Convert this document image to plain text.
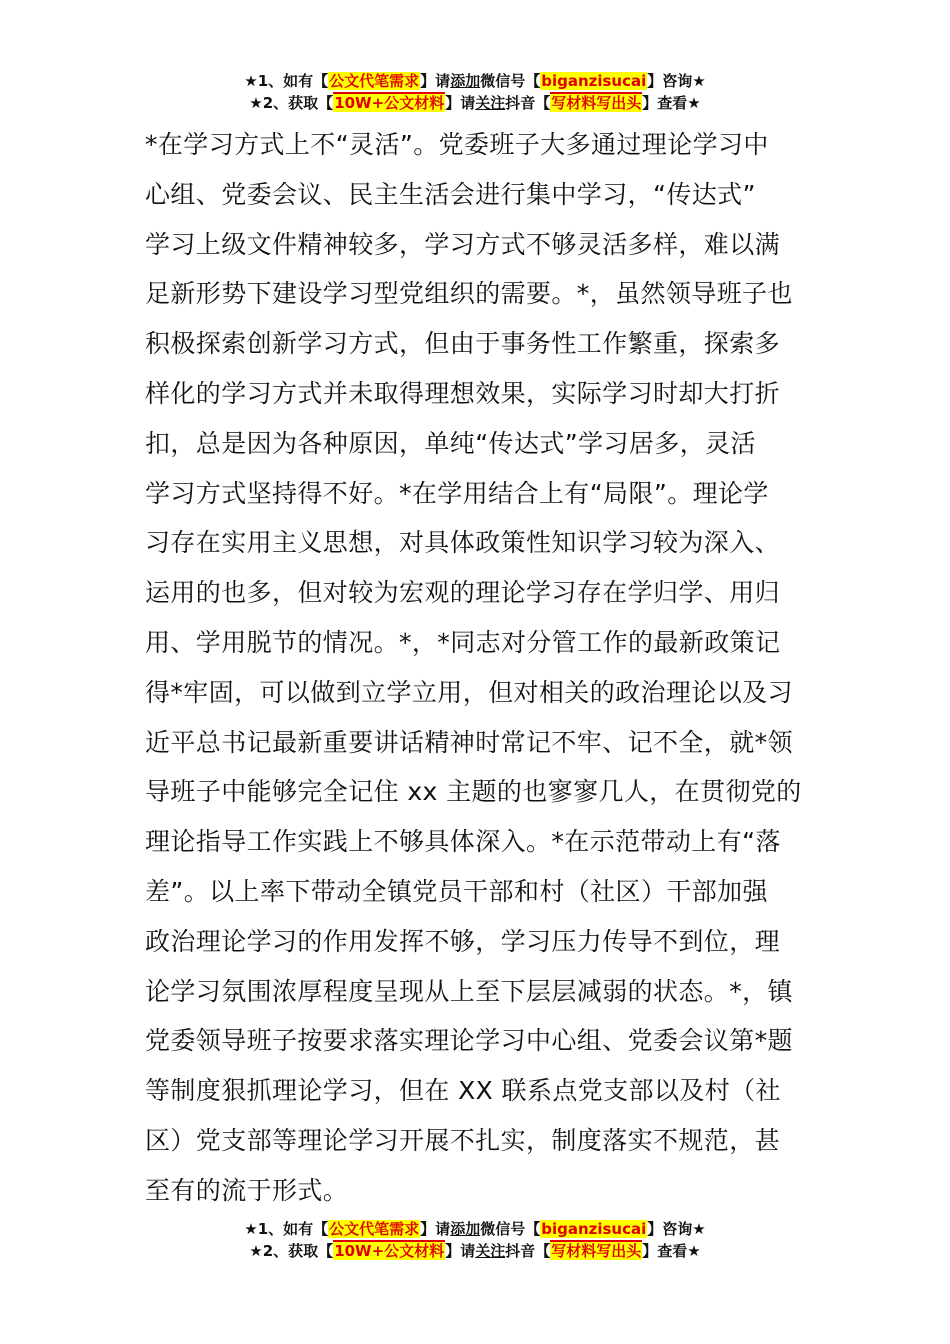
★1、如有【公文代笔需求】请添加微信号【biganzisucai】咨询★
★2、获取【10W+公文材料】请关注抖音【写材料写出头】查看★
*在学习方式上不“灵活”。党委班子大多通过理论学习中
心组、党委会议、民主生活会进行集中学习，“传达式”
学习上级文件精神较多，学习方式不够灵活多样，难以满
足新形势下建设学习型党组织的需要。*，虽然领导班子也
积极探索创新学习方式，但由于事务性工作繁重，探索多
样化的学习方式并未取得理想效果，实际学习时却大打折
扣，总是因为各种原因，单纯“传达式”学习居多，灵活
学习方式坚持得不好。*在学用结合上有“局限”。理论学
习存在实用主义思想，对具体政策性知识学习较为深入、
运用的也多，但对较为宏观的理论学习存在学归学、用归
用、学用脱节的情况。*，*同志对分管工作的最新政策记
得*牢固，可以做到立学立用，但对相关的政治理论以及习
近平总书记最新重要讲话精神时常记不牢、记不全，就*领
导班子中能够完全记住 xx 主题的也寥寥几人，在贯彻党的
理论指导工作实践上不够具体深入。*在示范带动上有“落
差”。以上率下带动全镇党员干部和村（社区）干部加强
政治理论学习的作用发挥不够，学习压力传导不到位，理
论学习氛围浓厚程度呈现从上至下层层减弱的状态。*，镇
党委领导班子按要求落实理论学习中心组、党委会议第*题
等制度狠抓理论学习，但在 XX 联系点党支部以及村（社
区）党支部等理论学习开展不扎实，制度落实不规范，甚
至有的流于形式。
★1、如有【公文代笔需求】请添加微信号【biganzisucai】咨询★
★2、获取【10W+公文材料】请关注抖音【写材料写出头】查看★
